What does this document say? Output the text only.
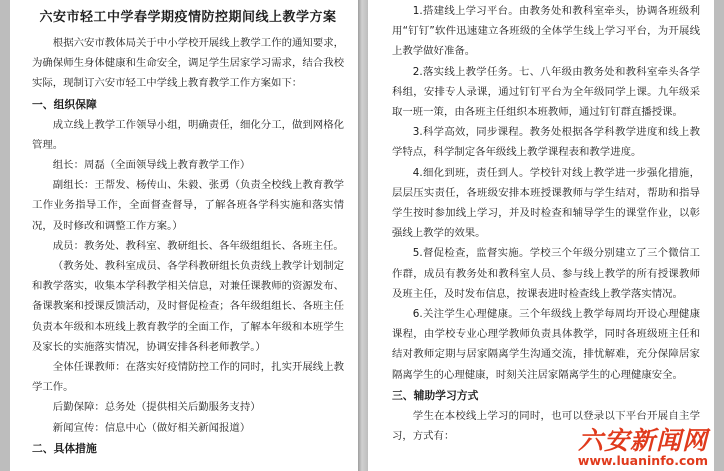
六安市轻工中学春学期疫情防控期间线上教学方案

根据六安市教体局关于中小学校开展线上教学工作的通知要求，为确保师生身体健康和生命安全，调足学生居家学习需求，结合我校实际，现制订六安市轻工中学线上教育教学工作方案如下：

一、组织保障

成立线上教学工作领导小组，明确责任，细化分工，做到网格化管理。

组长：周磊（全面领导线上教育教学工作）

副组长：王帮发、杨传山、朱毅、张勇（负责全校线上教育教学工作业务指导工作，全面督查督导，了解各班各学科实施和落实情况，及时修改和调整工作方案。）

成员：教务处、教科室、教研组长、各年级组组长、各班主任。

（教务处、教科室成员、各学科教研组长负责线上教学计划制定和教学落实，收集本学科教学相关信息，对兼任课教师的资源发布、备课教案和授课反馈活动，及时督促检查；各年级组组长、各班主任负责本年级和本班线上教育教学的全面工作，了解本年级和本班学生及家长的实施落实情况，协调安排各科老师教学。）

全体任课教师：在落实好疫情防控工作的同时，扎实开展线上教学工作。

后勤保障：总务处（提供相关后勤服务支持）

新闻宣传：信息中心（做好相关新闻报道）

二、具体措施

1.搭建线上学习平台。由教务处和教科室牵头，协调各班级利用“钉钉”软件迅速建立各班级的全体学生线上学习平台，为开展线上教学做好准备。

2.落实线上教学任务。七、八年级由教务处和教科室牵头各学科组，安排专人录课，通过钉钉平台为全年级同学上课。九年级采取一班一策，由各班主任组织本班教师，通过钉钉群直播授课。

3.科学高效，同步课程。教务处根据各学科教学进度和线上教学特点，科学制定各年级线上教学课程表和教学进度。

4.细化到班，责任到人。学校针对线上教学进一步强化措施，层层压实责任，各班级安排本班授课教师与学生结对，帮助和指导学生按时参加线上学习，并及时检查和辅导学生的课堂作业，以彰强线上教学的效果。

5.督促检查，监督实施。学校三个年级分别建立了三个微信工作群，成员有教务处和教科室人员、参与线上教学的所有授课教师及班主任，及时发布信息，按课表进时检查线上教学落实情况。

6.关注学生心理健康。三个年级线上教学每周均开设心理健康课程，由学校专业心理学教师负责具体教学，同时各班级班主任和结对教师定期与居家隔离学生沟通交流，排忧解难，充分保障居家隔离学生的心理健康，时刻关注居家隔离学生的心理健康安全。

三、辅助学习方式

学生在本校线上学习的同时，也可以登录以下平台开展自主学习，方式有：	六安新闻网
www.luaninfo.com
